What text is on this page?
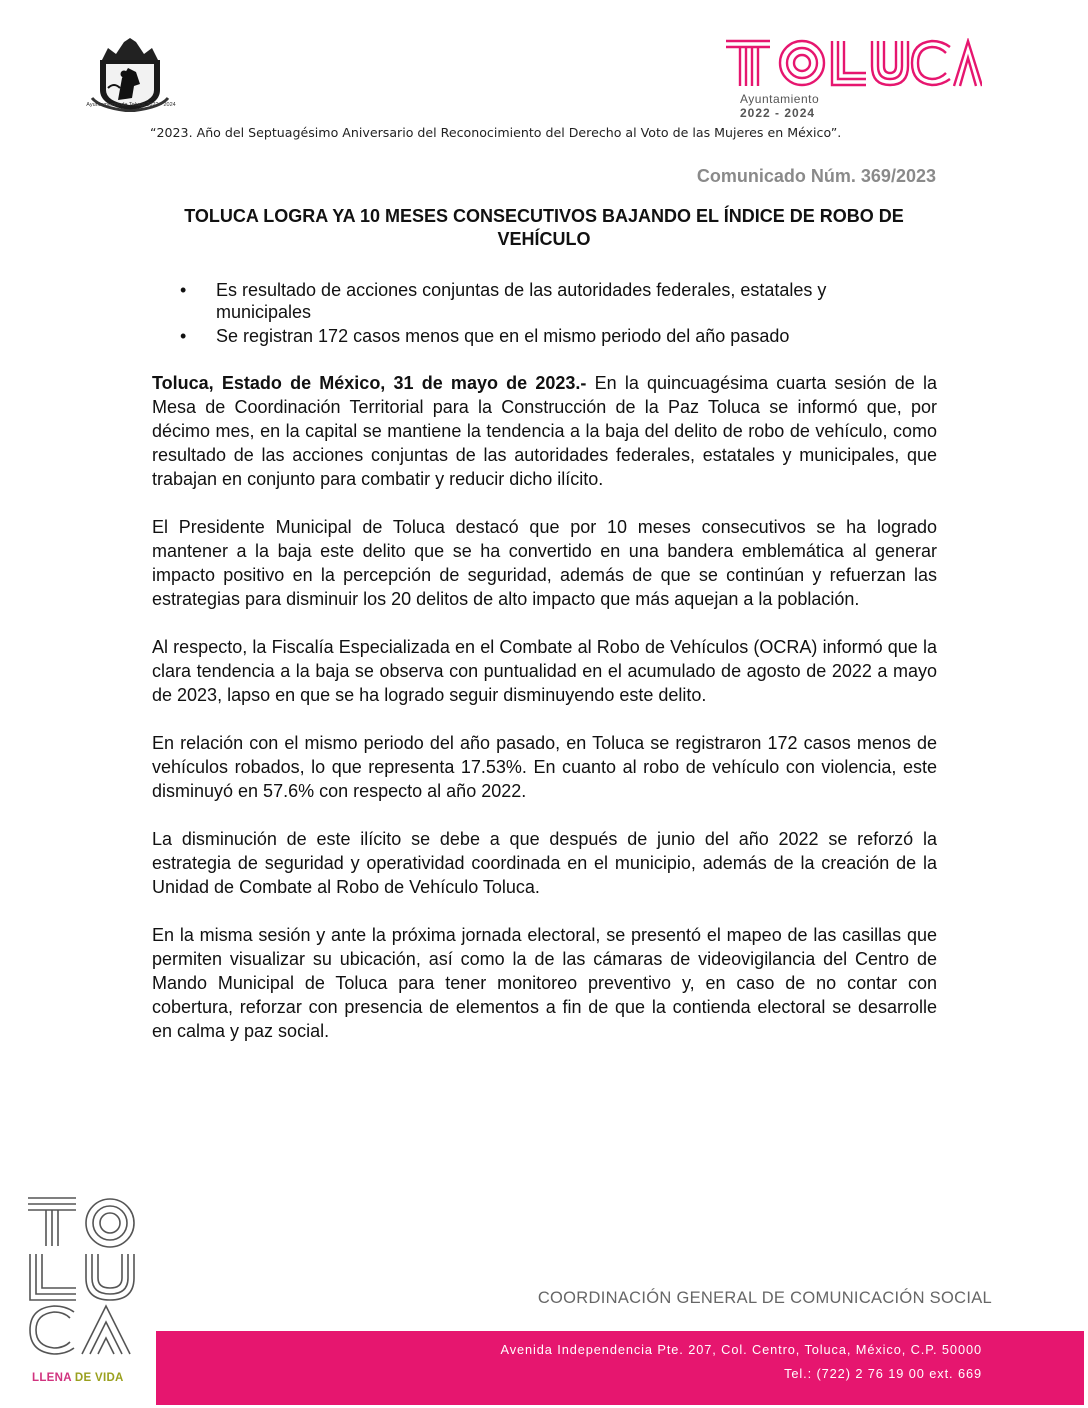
Ayuntamiento de Toluca 2022 - 2024	Ayuntamiento
2022 - 2024
“2023. Año del Septuagésimo Aniversario del Reconocimiento del Derecho al Voto de las Mujeres en México”.
Comunicado Núm. 369/2023
TOLUCA LOGRA YA 10 MESES CONSECUTIVOS BAJANDO EL ÍNDICE DE ROBO DE VEHÍCULO
• Es resultado de acciones conjuntas de las autoridades federales, estatales y municipales
• Se registran 172 casos menos que en el mismo periodo del año pasado

Toluca, Estado de México, 31 de mayo de 2023.- En la quincuagésima cuarta sesión de la Mesa de Coordinación Territorial para la Construcción de la Paz Toluca se informó que, por décimo mes, en la capital se mantiene la tendencia a la baja del delito de robo de vehículo, como resultado de las acciones conjuntas de las autoridades federales, estatales y municipales, que trabajan en conjunto para combatir y reducir dicho ilícito.

El Presidente Municipal de Toluca destacó que por 10 meses consecutivos se ha logrado mantener a la baja este delito que se ha convertido en una bandera emblemática al generar impacto positivo en la percepción de seguridad, además de que se continúan y refuerzan las estrategias para disminuir los 20 delitos de alto impacto que más aquejan a la población.

Al respecto, la Fiscalía Especializada en el Combate al Robo de Vehículos (OCRA) informó que la clara tendencia a la baja se observa con puntualidad en el acumulado de agosto de 2022 a mayo de 2023, lapso en que se ha logrado seguir disminuyendo este delito.

En relación con el mismo periodo del año pasado, en Toluca se registraron 172 casos menos de vehículos robados, lo que representa 17.53%. En cuanto al robo de vehículo con violencia, este disminuyó en 57.6% con respecto al año 2022.

La disminución de este ilícito se debe a que después de junio del año 2022 se reforzó la estrategia de seguridad y operatividad coordinada en el municipio, además de la creación de la Unidad de Combate al Robo de Vehículo Toluca.

En la misma sesión y ante la próxima jornada electoral, se presentó el mapeo de las casillas que permiten visualizar su ubicación, así como la de las cámaras de videovigilancia del Centro de Mando Municipal de Toluca para tener monitoreo preventivo y, en caso de no contar con cobertura, reforzar con presencia de elementos a fin de que la contienda electoral se desarrolle en calma y paz social.

LLENA DE VIDA
COORDINACIÓN GENERAL DE COMUNICACIÓN SOCIAL
Avenida Independencia Pte. 207, Col. Centro, Toluca, México, C.P. 50000
Tel.: (722) 2 76 19 00 ext. 669
